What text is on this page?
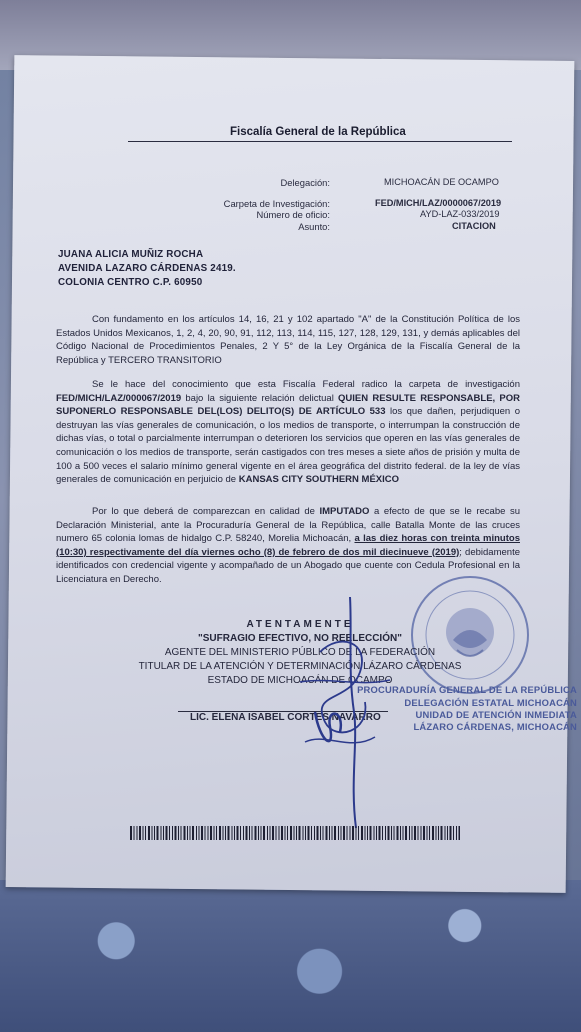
Fiscalía General de la República
Delegación:	MICHOACÁN DE OCAMPO
Carpeta de Investigación:	FED/MICH/LAZ/0000067/2019
Número de oficio:	AYD-LAZ-033/2019
Asunto:	CITACION
JUANA ALICIA MUÑIZ ROCHA
AVENIDA LAZARO CÁRDENAS 2419.
COLONIA CENTRO C.P. 60950
Con fundamento en los artículos 14, 16, 21 y 102 apartado "A" de la Constitución Política de los Estados Unidos Mexicanos, 1, 2, 4, 20, 90, 91, 112, 113, 114, 115, 127, 128, 129, 131, y demás aplicables del Código Nacional de Procedimientos Penales, 2 Y 5° de la Ley Orgánica de la Fiscalía General de la República y TERCERO TRANSITORIO
Se le hace del conocimiento que esta Fiscalía Federal radico la carpeta de investigación FED/MICH/LAZ/000067/2019 bajo la siguiente relación delictual QUIEN RESULTE RESPONSABLE, POR SUPONERLO RESPONSABLE DEL(LOS) DELITO(S) DE ARTÍCULO 533 los que dañen, perjudiquen o destruyan las vías generales de comunicación, o los medios de transporte, o interrumpan la construcción de dichas vías, o total o parcialmente interrumpan o deterioren los servicios que operen en las vías generales de comunicación o los medios de transporte, serán castigados con tres meses a siete años de prisión y multa de 100 a 500 veces el salario mínimo general vigente en el área geográfica del distrito federal. de la ley de vías generales de comunicación en perjuicio de KANSAS CITY SOUTHERN MÉXICO
Por lo que deberá de comparezcan en calidad de IMPUTADO a efecto de que se le recabe su Declaración Ministerial, ante la Procuraduría General de la República, calle Batalla Monte de las cruces numero 65 colonia lomas de hidalgo C.P. 58240, Morelia Michoacán, a las diez horas con treinta minutos (10:30) respectivamente del día viernes ocho (8) de febrero de dos mil diecinueve (2019); debidamente identificados con credencial vigente y acompañado de un Abogado que cuente con Cedula Profesional en la Licenciatura en Derecho.
PROCURADURÍA GENERAL DE LA REPÚBLICA
DELEGACIÓN ESTATAL MICHOACÁN
UNIDAD DE ATENCIÓN INMEDIATA
LÁZARO CÁRDENAS, MICHOACÁN
ATENTAMENTE
"SUFRAGIO EFECTIVO, NO REELECCIÓN"
AGENTE DEL MINISTERIO PÚBLICO DE LA FEDERACIÓN
TITULAR DE LA ATENCIÓN Y DETERMINACIÓN LÁZARO CÁRDENAS
ESTADO DE MICHOACÁN DE OCAMPO
LIC. ELENA ISABEL CORTES NAVARRO
